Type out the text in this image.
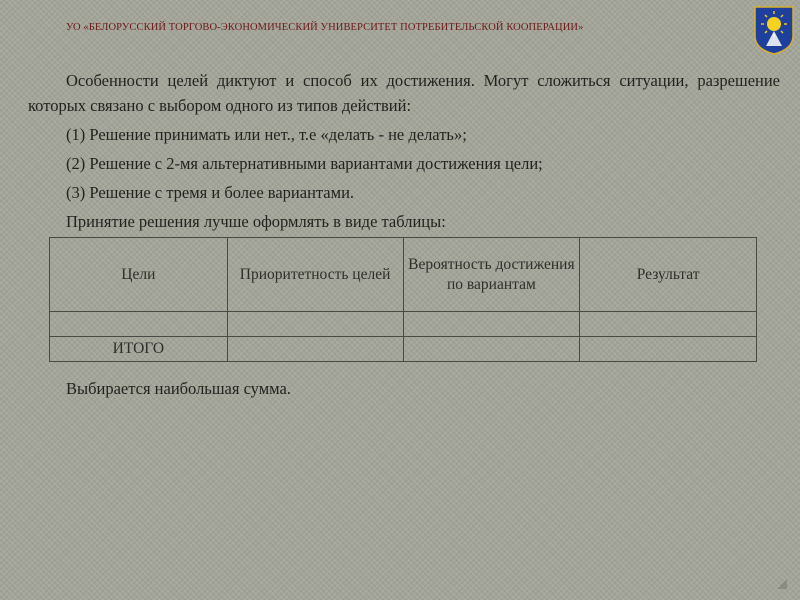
УО «БЕЛОРУССКИЙ ТОРГОВО-ЭКОНОМИЧЕСКИЙ УНИВЕРСИТЕТ ПОТРЕБИТЕЛЬСКОЙ КООПЕРАЦИИ»

Особенности целей диктуют и способ их достижения. Могут сложиться ситуации, разрешение которых связано с выбором одного из типов действий:

(1) Решение принимать или нет., т.е «делать - не делать»;

(2) Решение с 2-мя альтернативными вариантами достижения цели;

(3) Решение с тремя и более вариантами.

Принятие решения лучше оформлять в виде таблицы:

Цели	Приоритетность целей	Вероятность достижения по вариантам	Результат

ИТОГО			
Выбирается наибольшая сумма.
